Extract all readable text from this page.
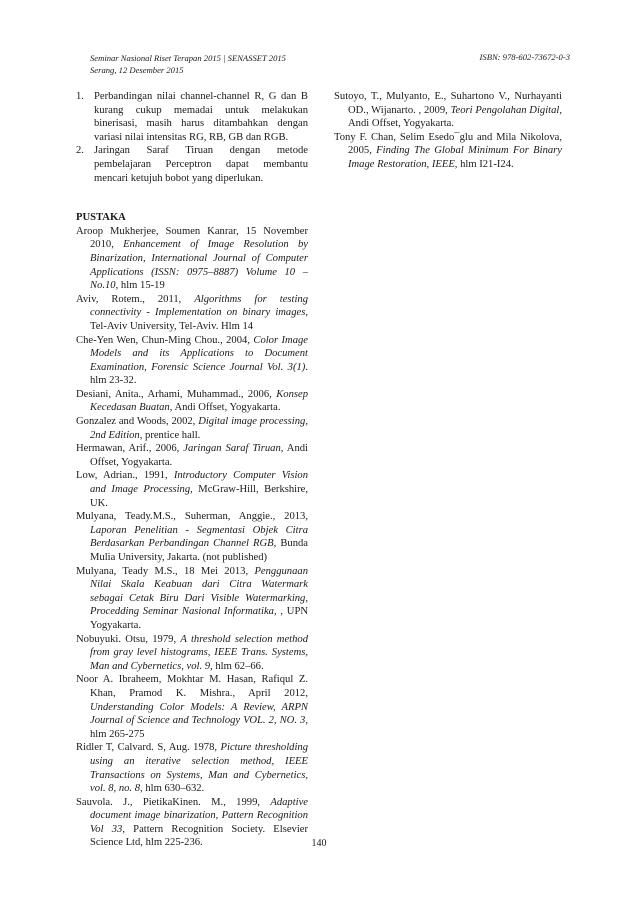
Seminar Nasional Riset Terapan 2015 | SENASSET 2015
Serang, 12 Desember 2015
ISBN: 978-602-73672-0-3
1. Perbandingan nilai channel-channel R, G dan B kurang cukup memadai untuk melakukan binerisasi, masih harus ditambahkan dengan variasi nilai intensitas RG, RB, GB dan RGB.
2. Jaringan Saraf Tiruan dengan metode pembelajaran Perceptron dapat membantu mencari ketujuh bobot yang diperlukan.
PUSTAKA

Aroop Mukherjee, Soumen Kanrar, 15 November 2010, Enhancement of Image Resolution by Binarization, International Journal of Computer Applications (ISSN: 0975–8887) Volume 10 – No.10, hlm 15-19

Aviv, Rotem., 2011, Algorithms for testing connectivity - Implementation on binary images, Tel-Aviv University, Tel-Aviv. Hlm 14

Che-Yen Wen, Chun-Ming Chou., 2004, Color Image Models and its Applications to Document Examination, Forensic Science Journal Vol. 3(1). hlm 23-32.

Desiani, Anita., Arhami, Muhammad., 2006, Konsep Kecedasan Buatan, Andi Offset, Yogyakarta.

Gonzalez and Woods, 2002, Digital image processing, 2nd Edition, prentice hall.

Hermawan, Arif., 2006, Jaringan Saraf Tiruan, Andi Offset, Yogyakarta.

Low, Adrian., 1991, Introductory Computer Vision and Image Processing, McGraw-Hill, Berkshire, UK.

Mulyana, Teady.M.S., Suherman, Anggie., 2013, Laporan Penelitian - Segmentasi Objek Citra Berdasarkan Perbandingan Channel RGB, Bunda Mulia University, Jakarta. (not published)

Mulyana, Teady M.S., 18 Mei 2013, Penggunaan Nilai Skala Keabuan dari Citra Watermark sebagai Cetak Biru Dari Visible Watermarking, Procedding Seminar Nasional Informatika, , UPN Yogyakarta.

Nobuyuki. Otsu, 1979, A threshold selection method from gray level histograms, IEEE Trans. Systems, Man and Cybernetics, vol. 9, hlm 62–66.

Noor A. Ibraheem, Mokhtar M. Hasan, Rafiqul Z. Khan, Pramod K. Mishra., April 2012, Understanding Color Models: A Review, ARPN Journal of Science and Technology VOL. 2, NO. 3, hlm 265-275

Ridler T, Calvard. S, Aug. 1978, Picture thresholding using an iterative selection method, IEEE Transactions on Systems, Man and Cybernetics, vol. 8, no. 8, hlm 630–632.

Sauvola. J., PietikaKinen. M., 1999, Adaptive document image binarization, Pattern Recognition Vol 33, Pattern Recognition Society. Elsevier Science Ltd, hlm 225-236.

Sutoyo, T., Mulyanto, E., Suhartono V., Nurhayanti OD., Wijanarto. , 2009, Teori Pengolahan Digital, Andi Offset, Yogyakarta.

Tony F. Chan, Selim Esedo¯glu and Mila Nikolova, 2005, Finding The Global Minimum For Binary Image Restoration, IEEE, hlm I21-I24.

140
